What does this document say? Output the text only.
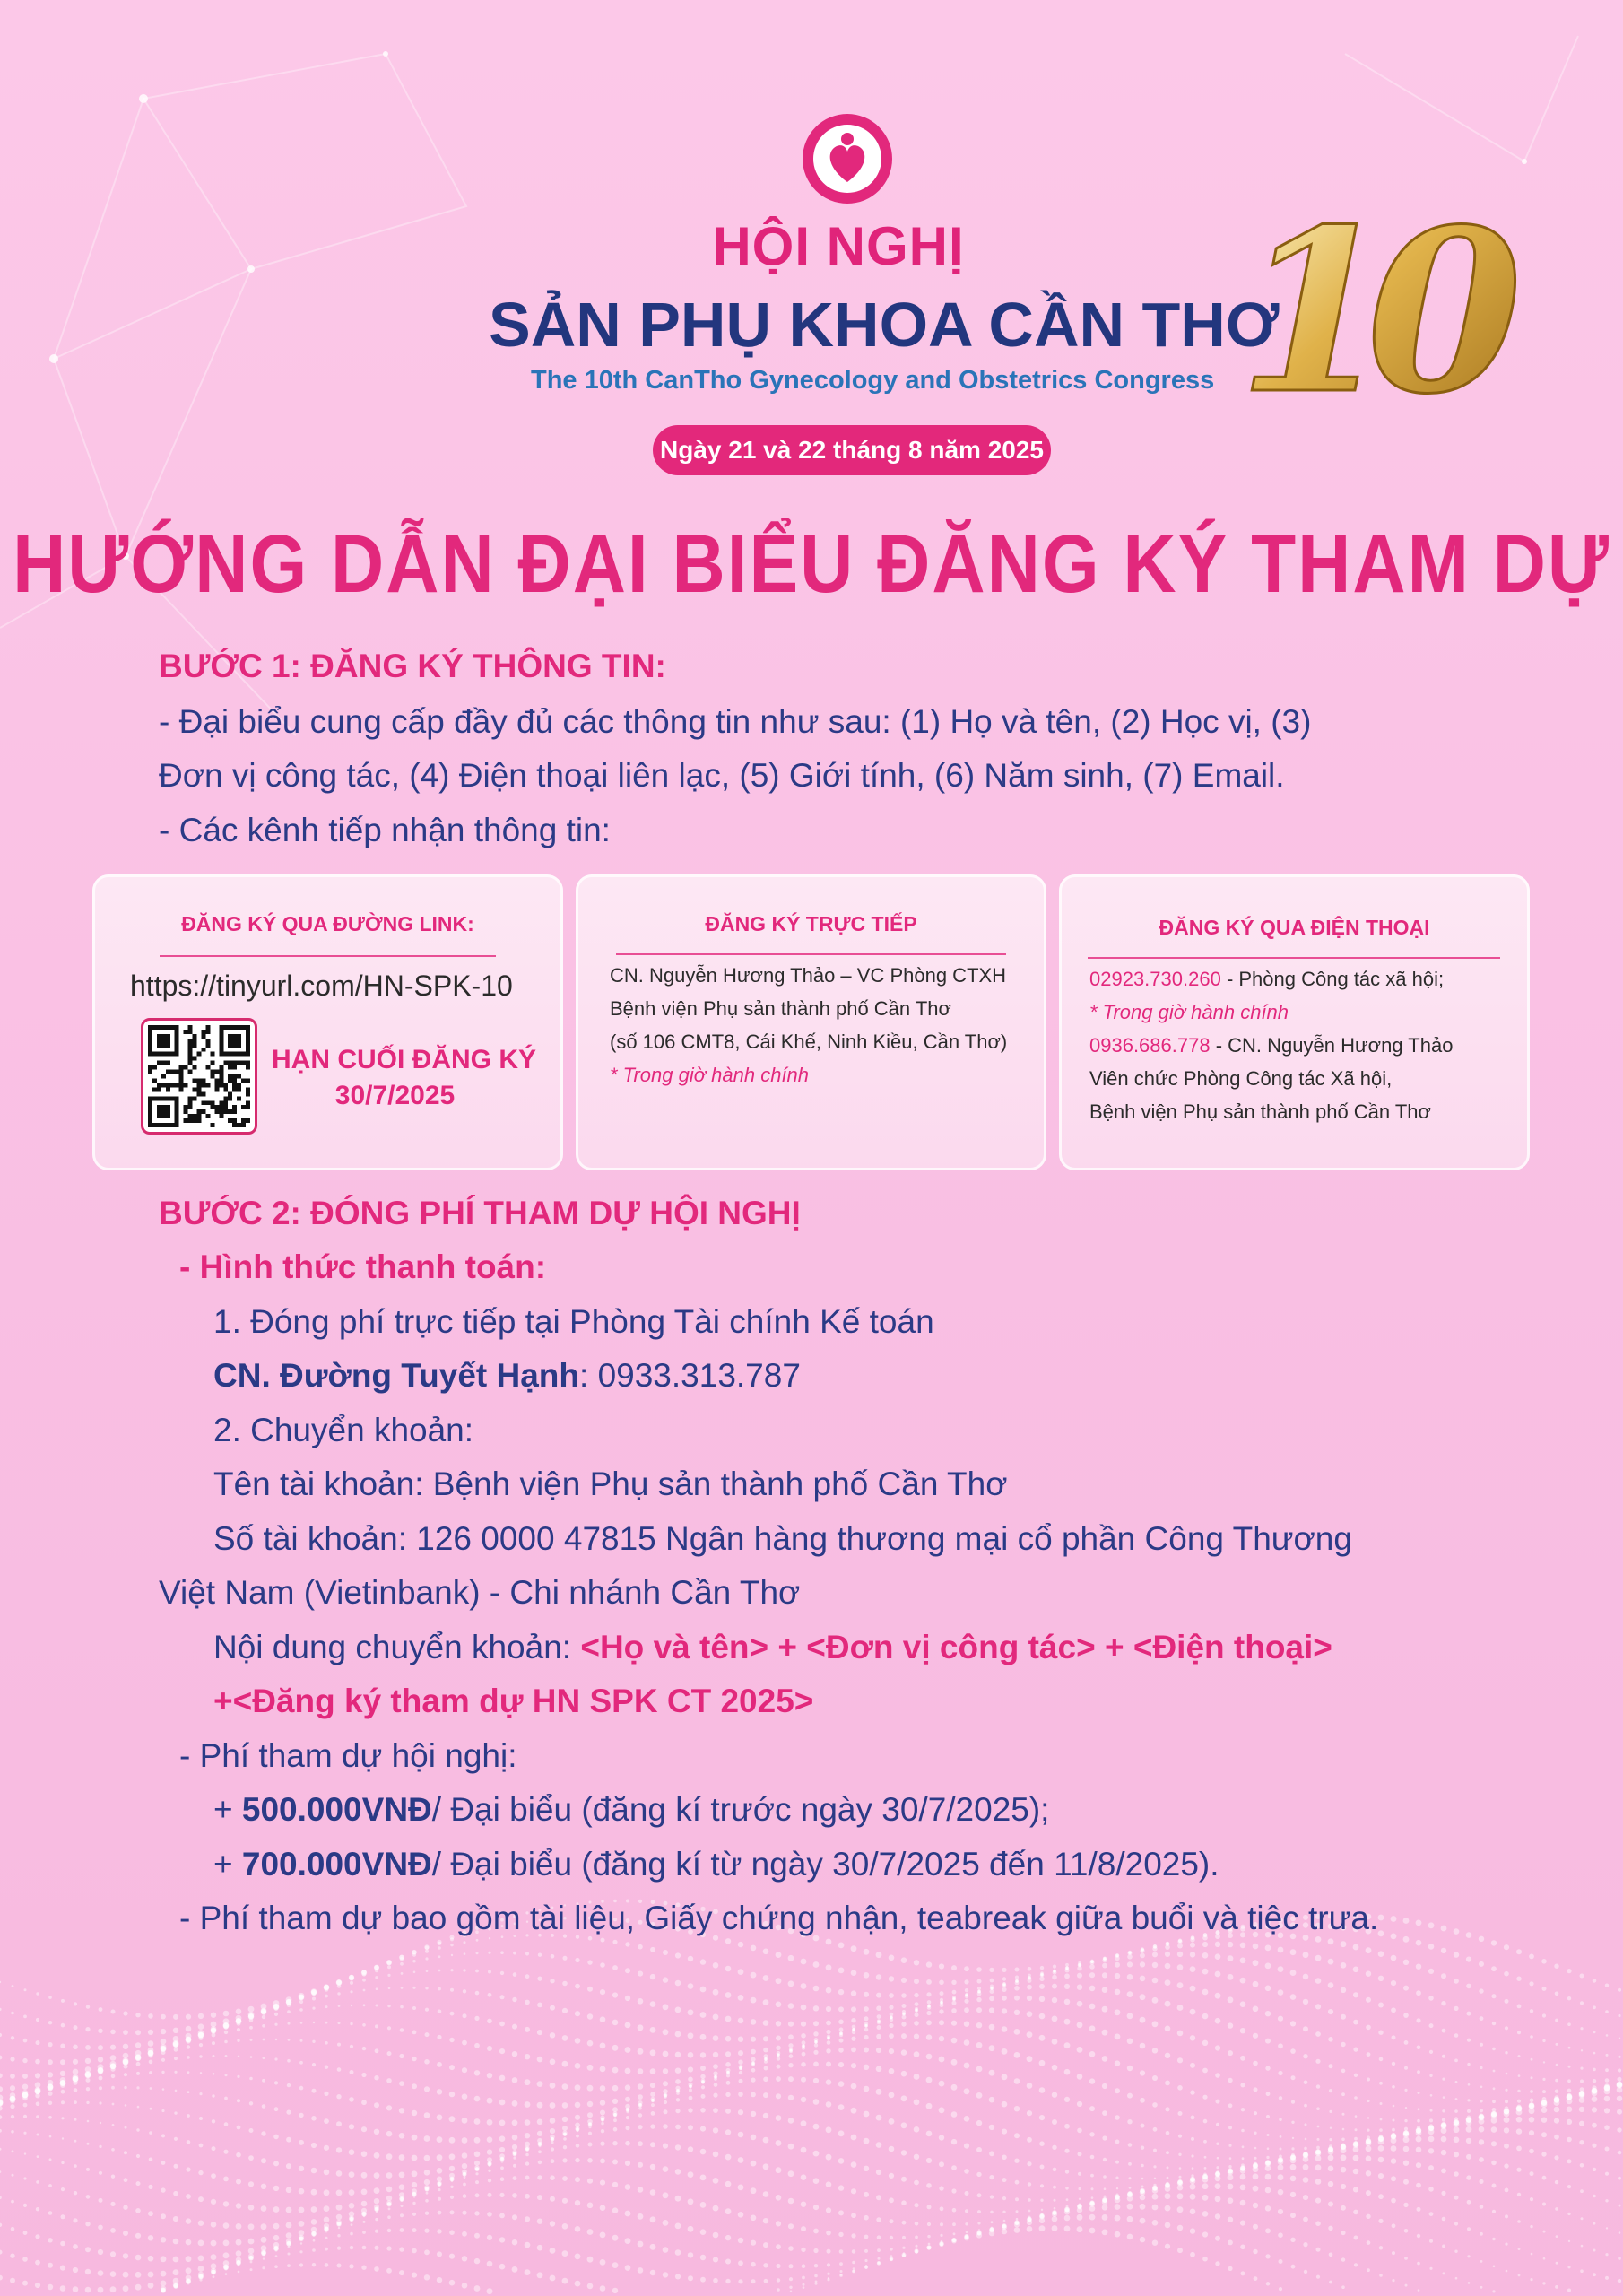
HỘI NGHỊ
SẢN PHỤ KHOA CẦN THƠ
The 10th CanTho Gynecology and Obstetrics Congress 10
Ngày 21 và 22 tháng 8 năm 2025
HƯỚNG DẪN ĐẠI BIỂU ĐĂNG KÝ THAM DỰ
BƯỚC 1: ĐĂNG KÝ THÔNG TIN:
- Đại biểu cung cấp đầy đủ các thông tin như sau: (1) Họ và tên, (2) Học vị, (3)
Đơn vị công tác, (4) Điện thoại liên lạc, (5) Giới tính, (6) Năm sinh, (7) Email.
- Các kênh tiếp nhận thông tin:
ĐĂNG KÝ QUA ĐƯỜNG LINK:
https://tinyurl.com/HN-SPK-10
HẠN CUỐI ĐĂNG KÝ
30/7/2025
ĐĂNG KÝ TRỰC TIẾP
CN. Nguyễn Hương Thảo – VC Phòng CTXH
Bệnh viện Phụ sản thành phố Cần Thơ
(số 106 CMT8, Cái Khế, Ninh Kiều, Cần Thơ)
* Trong giờ hành chính
ĐĂNG KÝ QUA ĐIỆN THOẠI
02923.730.260 - Phòng Công tác xã hội;
* Trong giờ hành chính
0936.686.778 - CN. Nguyễn Hương Thảo
Viên chức Phòng Công tác Xã hội,
Bệnh viện Phụ sản thành phố Cần Thơ
BƯỚC 2: ĐÓNG PHÍ THAM DỰ HỘI NGHỊ
- Hình thức thanh toán:
1. Đóng phí trực tiếp tại Phòng Tài chính Kế toán
CN. Đường Tuyết Hạnh: 0933.313.787
2. Chuyển khoản:
Tên tài khoản: Bệnh viện Phụ sản thành phố Cần Thơ
Số tài khoản: 126 0000 47815 Ngân hàng thương mại cổ phần Công Thương
Việt Nam (Vietinbank) - Chi nhánh Cần Thơ
Nội dung chuyển khoản: <Họ và tên> + <Đơn vị công tác> + <Điện thoại>
+<Đăng ký tham dự HN SPK CT 2025>
- Phí tham dự hội nghị:
+ 500.000VNĐ/ Đại biểu (đăng kí trước ngày 30/7/2025);
+ 700.000VNĐ/ Đại biểu (đăng kí từ ngày 30/7/2025 đến 11/8/2025).
- Phí tham dự bao gồm tài liệu, Giấy chứng nhận, teabreak giữa buổi và tiệc trưa.
